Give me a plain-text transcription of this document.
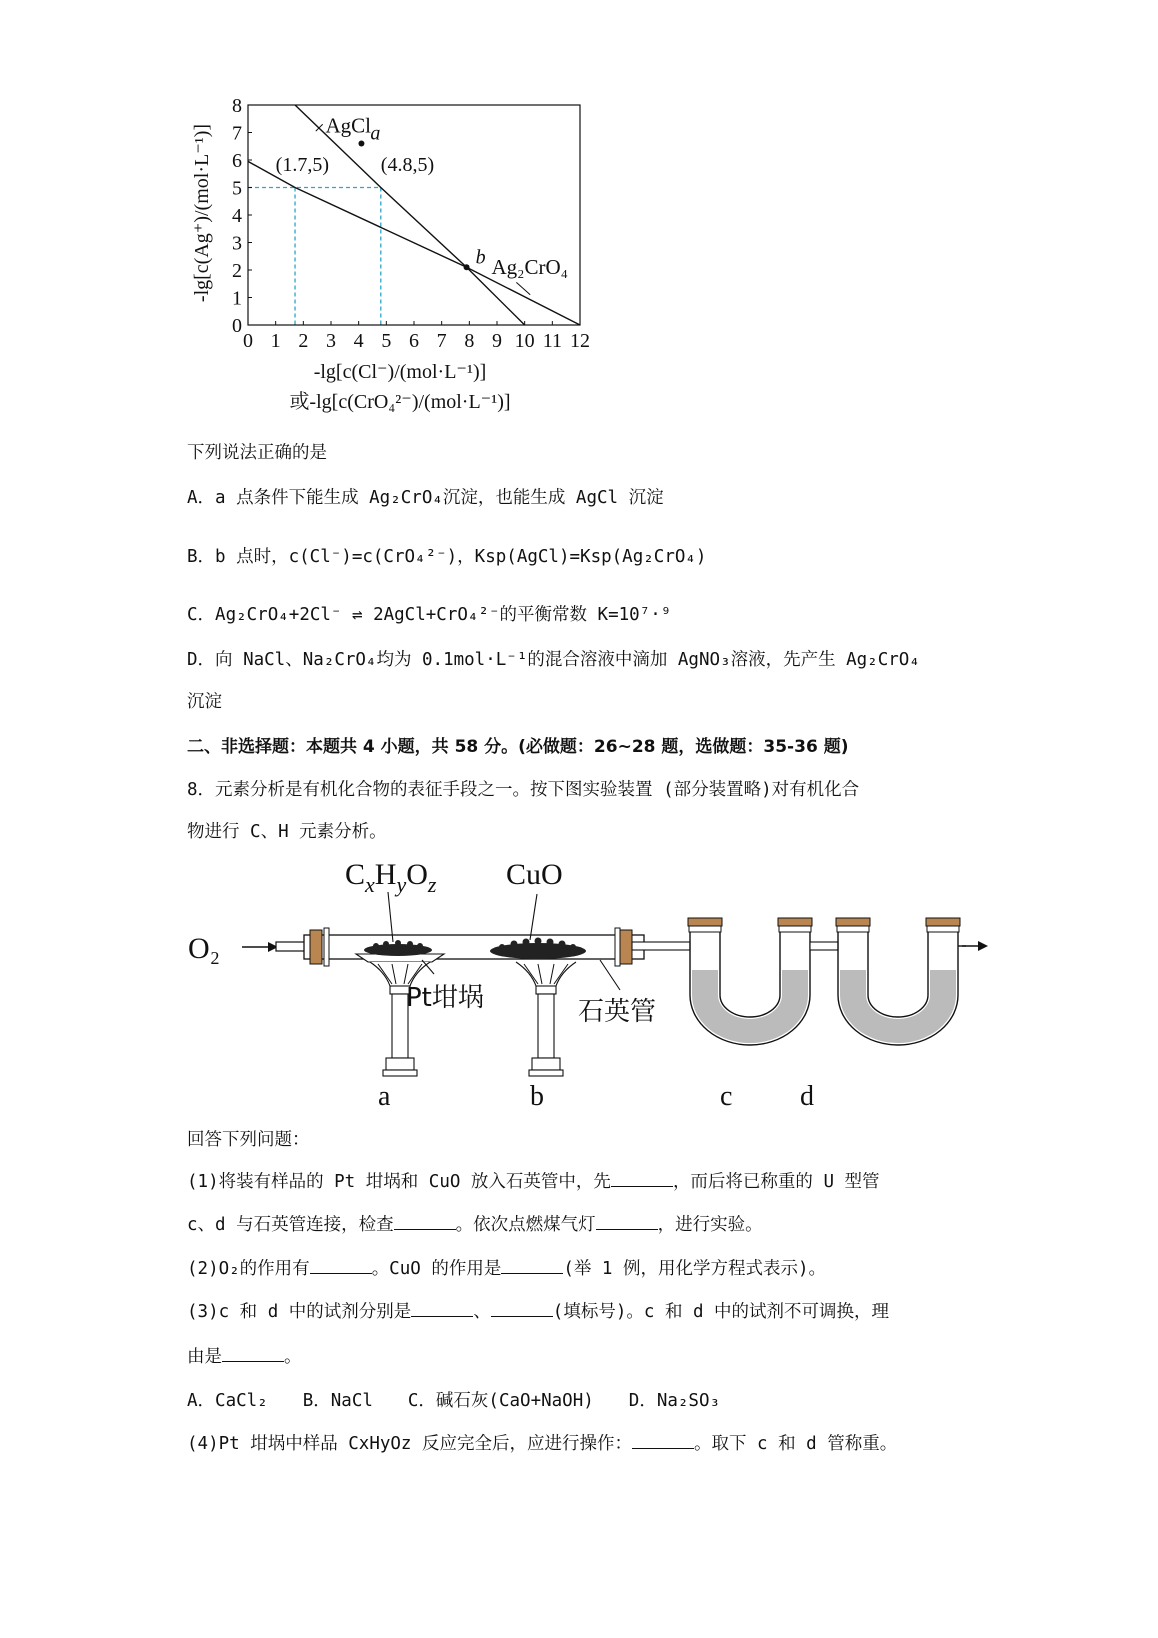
0 1 2 3 4 5 6 7 8 9 10 11 12
0
1
2
3
4
5
6
7
8
AgCl
Ag₂CrO₄
(1.7,5)	(4.8,5)
a
b
-lg[c(Ag⁺)/(mol·L⁻¹)]
-lg[c(Cl⁻)/(mol·L⁻¹)]
或-lg[c(CrO₄²⁻)/(mol·L⁻¹)]
下列说法正确的是
A．a 点条件下能生成 Ag₂CrO₄沉淀，也能生成 AgCl 沉淀
B．b 点时，c(Cl⁻)=c(CrO₄²⁻)，Ksp(AgCl)=Ksp(Ag₂CrO₄)
C．Ag₂CrO₄+2Cl⁻ ⇌ 2AgCl+CrO₄²⁻的平衡常数 K=10⁷·⁹
D．向 NaCl、Na₂CrO₄均为 0.1mol·L⁻¹的混合溶液中滴加 AgNO₃溶液，先产生 Ag₂CrO₄
沉淀
二、非选择题：本题共 4 小题，共 58 分。(必做题：26~28 题，选做题：35-36 题)
8．元素分析是有机化合物的表征手段之一。按下图实验装置 (部分装置略)对有机化合
物进行 C、H 元素分析。
O₂
$C_xH_yO_z$ CuO
Pt坩埚	石英管
a	b	c d
回答下列问题：
(1)将装有样品的 Pt 坩埚和 CuO 放入石英管中，先	，而后将已称重的 U 型管
c、d 与石英管连接，检查	。依次点燃煤气灯	，进行实验。
(2)O₂的作用有	。CuO 的作用是	(举 1 例，用化学方程式表示)。
(3)c 和 d 中的试剂分别是	、	(填标号)。c 和 d 中的试剂不可调换，理
由是	。
A．CaCl₂　　B．NaCl　　C．碱石灰(CaO+NaOH)　　D．Na₂SO₃
(4)Pt 坩埚中样品 CxHyOz 反应完全后，应进行操作：	。取下 c 和 d 管称重。
